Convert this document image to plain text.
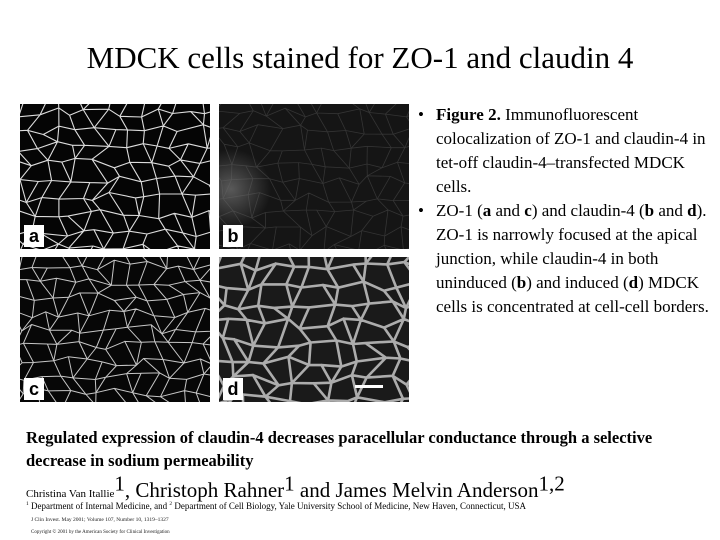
MDCK cells stained for ZO-1 and claudin 4
a	b
c	d
• Figure 2. Immunofluorescent colocalization of ZO-1 and claudin-4 in tet-off claudin-4–transfected MDCK cells.
• ZO-1 (a and c) and claudin-4 (b and d). ZO-1 is narrowly focused at the apical junction, while claudin-4 in both uninduced (b) and induced (d) MDCK cells is concentrated at cell-cell borders.
Regulated expression of claudin-4 decreases paracellular conductance through a selective decrease in sodium permeability
Christina Van Itallie$^1$, Christoph Rahner$^1$ and James Melvin Anderson$^{1,2}$
$^1$ Department of Internal Medicine, and $^2$ Department of Cell Biology, Yale University School of Medicine, New Haven, Connecticut, USA
J Clin Invest. May 2001; Volume 107, Number 10, 1319–1327
Copyright © 2001 by the American Society for Clinical Investigation
